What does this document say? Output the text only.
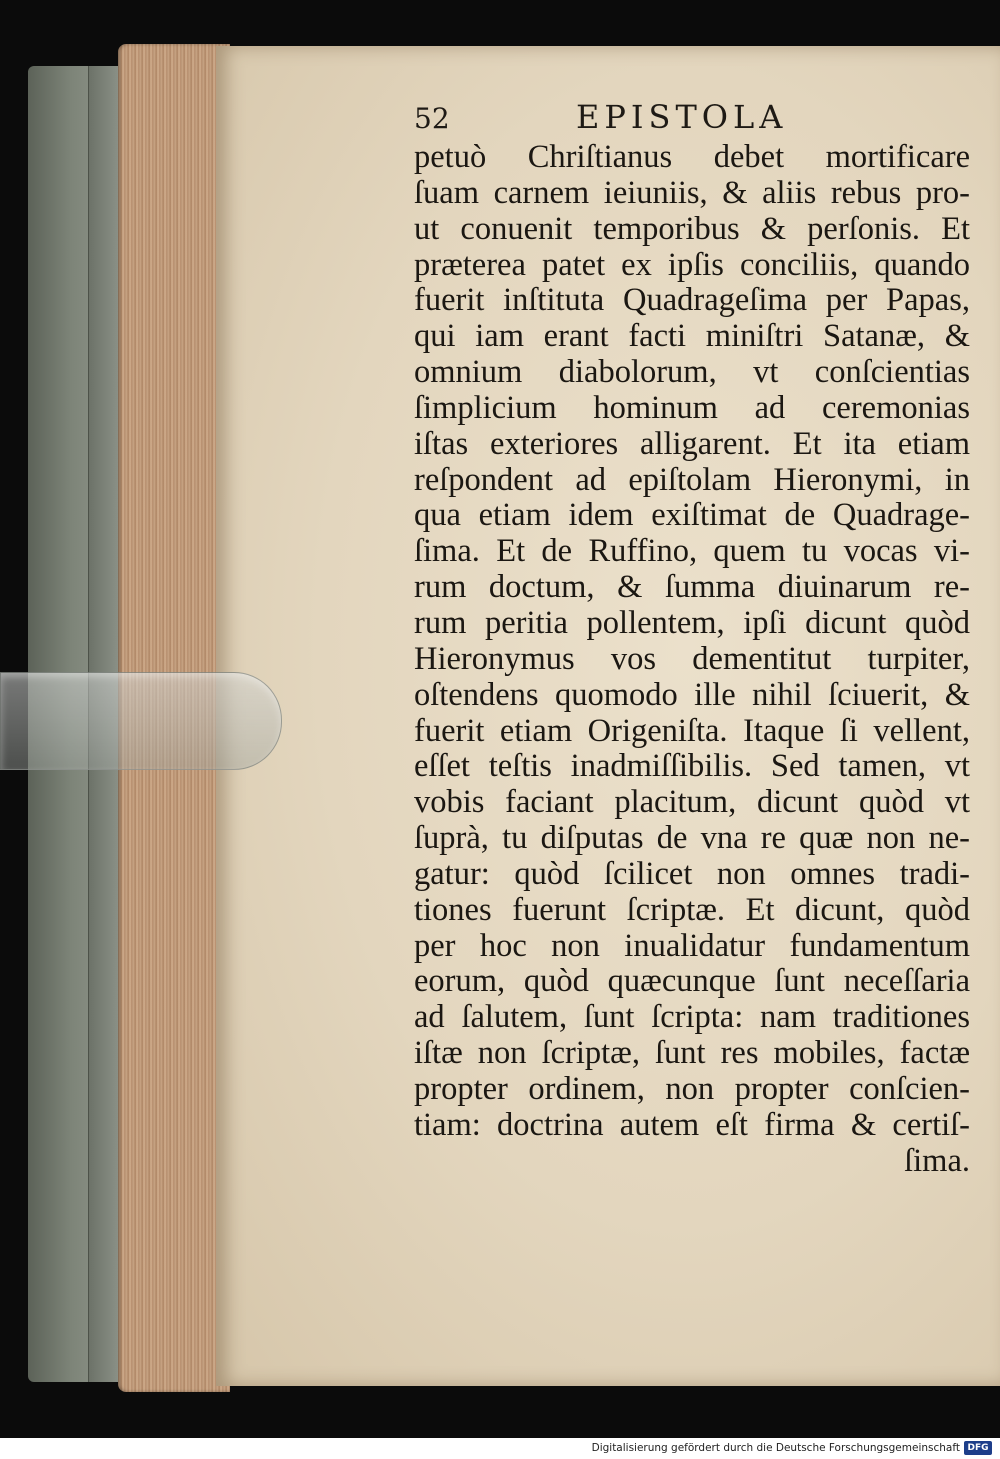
52	EPISTOLA
petuò Chriſtianus debet mortificare
ſuam carnem ieiuniis, & aliis rebus pro-
ut conuenit temporibus & perſonis. Et
præterea patet ex ipſis conciliis, quando
fuerit inſtituta Quadrageſima per Papas,
qui iam erant facti miniſtri Satanæ, &
omnium diabolorum, vt conſcientias
ſimplicium hominum ad ceremonias
iſtas exteriores alligarent. Et ita etiam
reſpondent ad epiſtolam Hieronymi, in
qua etiam idem exiſtimat de Quadrage-
ſima. Et de Ruffino, quem tu vocas vi-
rum doctum, & ſumma diuinarum re-
rum peritia pollentem, ipſi dicunt quòd
Hieronymus vos dementitut turpiter,
oſtendens quomodo ille nihil ſciuerit, &
fuerit etiam Origeniſta. Itaque ſi vellent,
eſſet teſtis inadmiſſibilis. Sed tamen, vt
vobis faciant placitum, dicunt quòd vt
ſuprà, tu diſputas de vna re quæ non ne-
gatur: quòd ſcilicet non omnes tradi-
tiones fuerunt ſcriptæ. Et dicunt, quòd
per hoc non inualidatur fundamentum
eorum, quòd quæcunque ſunt neceſſaria
ad ſalutem, ſunt ſcripta: nam traditiones
iſtæ non ſcriptæ, ſunt res mobiles, factæ
propter ordinem, non propter conſcien-
tiam: doctrina autem eſt firma & certiſ-
ſima.
Digitalisierung gefördert durch die Deutsche Forschungsgemeinschaft DFG
